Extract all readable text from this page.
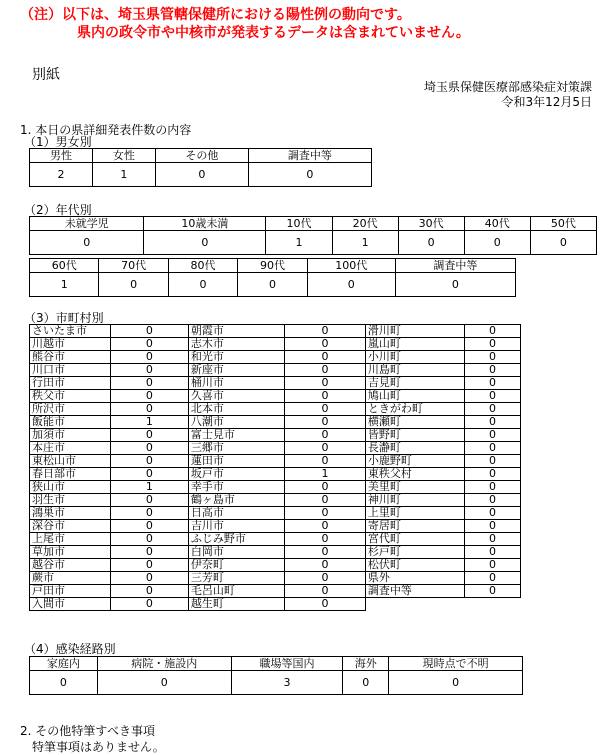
（注）以下は、埼玉県管轄保健所における陽性例の動向です。
県内の政令市や中核市が発表するデータは含まれていません。
別紙
埼玉県保健医療部感染症対策課
令和3年12月5日
1. 本日の県詳細発表件数の内容
（1）男女別
男性	女性	その他	調査中等
2	1	0	0
（2）年代別
未就学児	10歳未満	10代	20代	30代	40代	50代
0	0	1	1	0	0	0
60代	70代	80代	90代	100代	調査中等
1	0	0	0	0	0
（3）市町村別
さいたま市	0	朝霞市	0	滑川町	0
川越市	0	志木市	0	嵐山町	0
熊谷市	0	和光市	0	小川町	0
川口市	0	新座市	0	川島町	0
行田市	0	桶川市	0	吉見町	0
秩父市	0	久喜市	0	鳩山町	0
所沢市	0	北本市	0	ときがわ町	0
飯能市	1	八潮市	0	横瀬町	0
加須市	0	富士見市	0	皆野町	0
本庄市	0	三郷市	0	長瀞町	0
東松山市	0	蓮田市	0	小鹿野町	0
春日部市	0	坂戸市	1	東秩父村	0
狭山市	1	幸手市	0	美里町	0
羽生市	0	鶴ヶ島市	0	神川町	0
鴻巣市	0	日高市	0	上里町	0
深谷市	0	吉川市	0	寄居町	0
上尾市	0	ふじみ野市	0	宮代町	0
草加市	0	白岡市	0	杉戸町	0
越谷市	0	伊奈町	0	松伏町	0
蕨市	0	三芳町	0	県外	0
戸田市	0	毛呂山町	0	調査中等	0
入間市	0	越生町	0		
（4）感染経路別
家庭内	病院・施設内	職場等国内	海外	現時点で不明
0	0	3	0	0
2. その他特筆すべき事項
特筆事項はありません。
